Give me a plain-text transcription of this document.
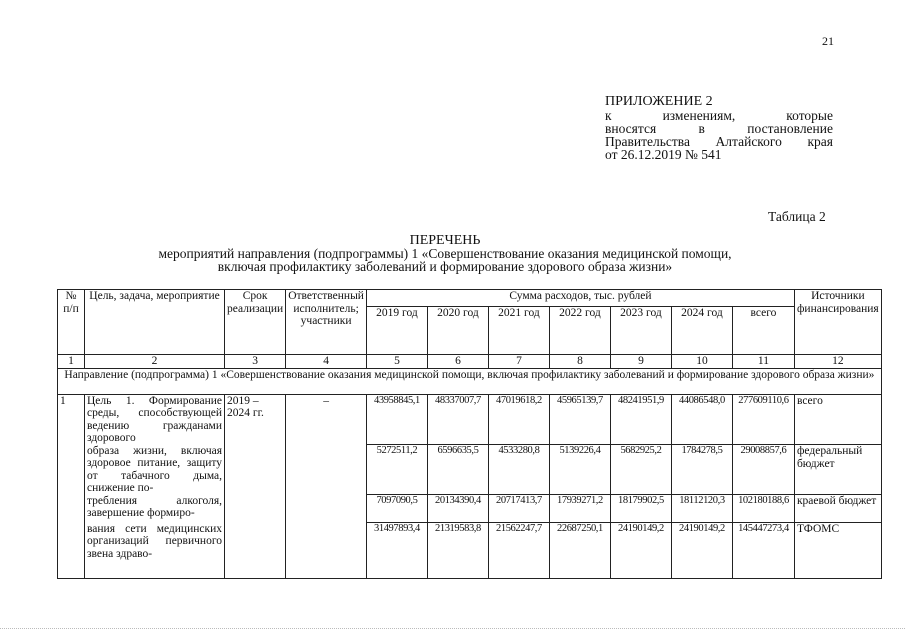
21
ПРИЛОЖЕНИЕ 2
к изменениям, которые
вносятся в постановление
Правительства Алтайского края
от 26.12.2019 № 541
Таблица 2
ПЕРЕЧЕНЬ
мероприятий направления (подпрограммы) 1 «Совершенствование оказания медицинской помощи,
включая профилактику заболеваний и формирование здорового образа жизни»
№ п/п	Цель, задача, мероприятие	Срок реализации	Ответственный исполнитель; участники	Сумма расходов, тыс. рублей							Источники финансирования
				2019 год	2020 год	2021 год	2022 год	2023 год	2024 год	всего	
1	2	3	4	5	6	7	8	9	10	11	12
Направление (подпрограмма) 1 «Совершенствование оказания медицинской помощи, включая профилактику заболеваний и формирование здорового образа жизни»											
1	Цель 1. Формирование среды, способствующей ведению гражданами здорового	2019 – 2024 гг.	–	43958845,1	48337007,7	47019618,2	45965139,7	48241951,9	44086548,0	277609110,6	всего
	образа жизни, включая здоровое питание, защиту от табачного дыма, снижение по-			5272511,2	6596635,5	4533280,8	5139226,4	5682925,2	1784278,5	29008857,6	федеральный бюджет
	требления алкоголя, завершение формиро-			7097090,5	20134390,4	20717413,7	17939271,2	18179902,5	18112120,3	102180188,6	краевой бюджет
	вания сети медицинских организаций первичного звена здраво-			31497893,4	21319583,8	21562247,7	22687250,1	24190149,2	24190149,2	145447273,4	ТФОМС
